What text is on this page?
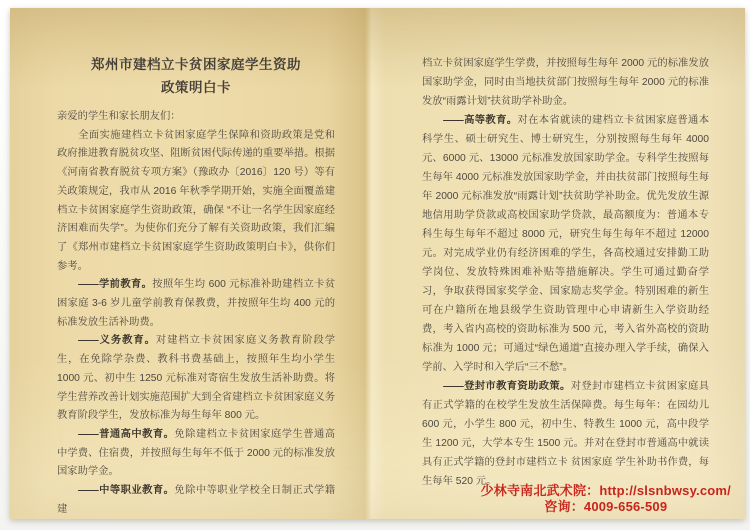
郑州市建档立卡贫困家庭学生资助
政策明白卡

亲爱的学生和家长朋友们：

全面实施建档立卡贫困家庭学生保障和资助政策是党和政府推进教育脱贫攻坚、阻断贫困代际传递的重要举措。根据《河南省教育脱贫专项方案》（豫政办〔2016〕120 号）等有关政策规定，我市从 2016 年秋季学期开始，实施全面覆盖建档立卡贫困家庭学生资助政策，确保 “不让一名学生因家庭经济困难而失学”。为使你们充分了解有关资助政策，我们汇编了《郑州市建档立卡贫困家庭学生资助政策明白卡》，供你们参考。

——学前教育。按照年生均 600 元标准补助建档立卡贫困家庭 3-6 岁儿童学前教育保教费，并按照年生均 400 元的标准发放生活补助费。

——义务教育。对建档立卡贫困家庭义务教育阶段学生，在免除学杂费、教科书费基础上，按照年生均小学生 1000 元、初中生 1250 元标准对寄宿生发放生活补助费。将学生营养改善计划实施范围扩大到全省建档立卡贫困家庭义务教育阶段学生，发放标准为每生每年 800 元。

——普通高中教育。免除建档立卡贫困家庭学生普通高中学费、住宿费，并按照每生每年不低于 2000 元的标准发放国家助学金。

——中等职业教育。免除中等职业学校全日制正式学籍建

档立卡贫困家庭学生学费，并按照每生每年 2000 元的标准发放国家助学金，同时由当地扶贫部门按照每生每年 2000 元的标准发放“雨露计划”扶贫助学补助金。

——高等教育。对在本省就读的建档立卡贫困家庭普通本科学生、硕士研究生、博士研究生，分别按照每生每年 4000 元、6000 元、13000 元标准发放国家助学金。专科学生按照每生每年 4000 元标准发放国家助学金，并由扶贫部门按照每生每年 2000 元标准发放“雨露计划”扶贫助学补助金。优先发放生源地信用助学贷款或高校国家助学贷款，最高额度为：普通本专科生每生每年不超过 8000 元，研究生每生每年不超过 12000 元。对完成学业仍有经济困难的学生，各高校通过安排勤工助学岗位、发放特殊困难补贴等措施解决。学生可通过勤奋学习，争取获得国家奖学金、国家励志奖学金。特别困难的新生可在户籍所在地县级学生资助管理中心申请新生入学资助经费，考入省内高校的资助标准为 500 元，考入省外高校的资助标准为 1000 元；可通过“绿色通道”直接办理入学手续，确保入学前、入学时和入学后“三不愁”。

——登封市教育资助政策。对登封市建档立卡贫困家庭具有正式学籍的在校学生发放生活保障费。每生每年：在园幼儿 600 元，小学生 800 元，初中生、特教生 1000 元，高中段学生 1200 元，大学本专生 1500 元。并对在登封市普通高中就读具有正式学籍的登封市建档立卡 贫困家庭 学生补助书作费，每生每年 520 元。

少林寺南北武术院：http://slsnbwsy.com/
咨询：4009-656-509
